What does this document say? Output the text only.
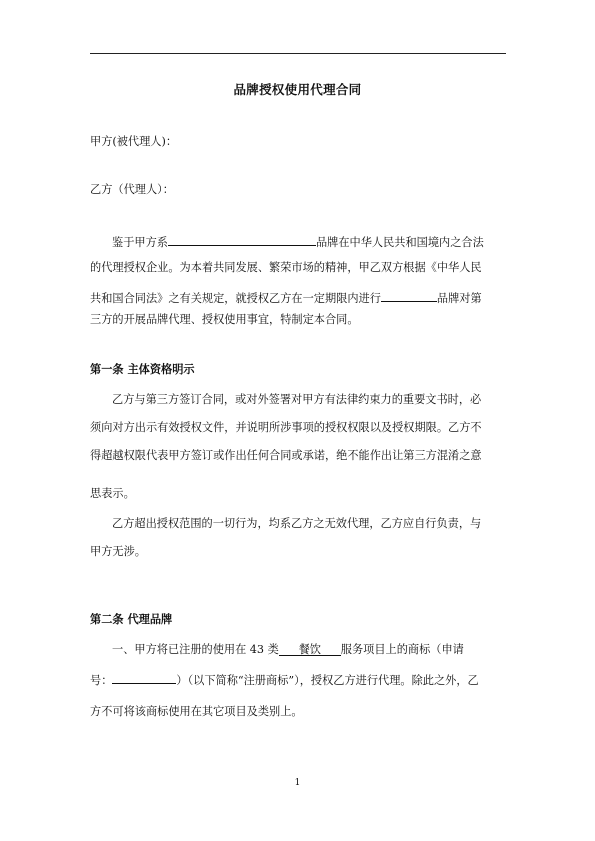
品牌授权使用代理合同
甲方(被代理人)：
乙方（代理人）：
鉴于甲方系	品牌在中华人民共和国境内之合法
的代理授权企业。为本着共同发展、繁荣市场的精神，甲乙双方根据《中华人民
共和国合同法》之有关规定，就授权乙方在一定期限内进行	品牌对第
三方的开展品牌代理、授权使用事宜，特制定本合同。
第一条 主体资格明示
乙方与第三方签订合同，或对外签署对甲方有法律约束力的重要文书时，必
须向对方出示有效授权文件，并说明所涉事项的授权权限以及授权期限。乙方不
得超越权限代表甲方签订或作出任何合同或承诺，绝不能作出让第三方混淆之意
思表示。
乙方超出授权范围的一切行为，均系乙方之无效代理，乙方应自行负责，与
甲方无涉。
第二条 代理品牌
一、甲方将已注册的使用在 43 类 餐饮 服务项目上的商标（申请
号：	）（以下简称“注册商标”），授权乙方进行代理。除此之外，乙
方不可将该商标使用在其它项目及类别上。
1
